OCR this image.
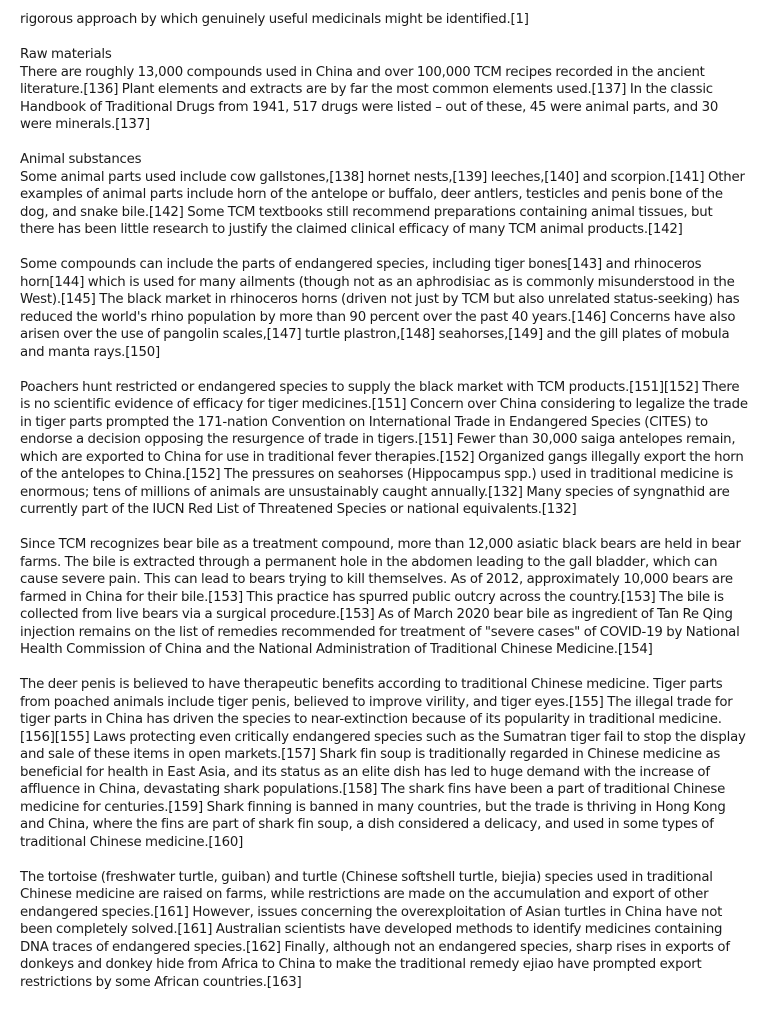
rigorous approach by which genuinely useful medicinals might be identified.[1]

Raw materials

There are roughly 13,000 compounds used in China and over 100,000 TCM recipes recorded in the ancient literature.[136] Plant elements and extracts are by far the most common elements used.[137] In the classic Handbook of Traditional Drugs from 1941, 517 drugs were listed – out of these, 45 were animal parts, and 30 were minerals.[137]

Animal substances

Some animal parts used include cow gallstones,[138] hornet nests,[139] leeches,[140] and scorpion.[141] Other examples of animal parts include horn of the antelope or buffalo, deer antlers, testicles and penis bone of the dog, and snake bile.[142] Some TCM textbooks still recommend preparations containing animal tissues, but there has been little research to justify the claimed clinical efficacy of many TCM animal products.[142]

Some compounds can include the parts of endangered species, including tiger bones[143] and rhinoceros horn[144] which is used for many ailments (though not as an aphrodisiac as is commonly misunderstood in the West).[145] The black market in rhinoceros horns (driven not just by TCM but also unrelated status-seeking) has reduced the world's rhino population by more than 90 percent over the past 40 years.[146] Concerns have also arisen over the use of pangolin scales,[147] turtle plastron,[148] seahorses,[149] and the gill plates of mobula and manta rays.[150]

Poachers hunt restricted or endangered species to supply the black market with TCM products.[151][152] There is no scientific evidence of efficacy for tiger medicines.[151] Concern over China considering to legalize the trade in tiger parts prompted the 171-nation Convention on International Trade in Endangered Species (CITES) to endorse a decision opposing the resurgence of trade in tigers.[151] Fewer than 30,000 saiga antelopes remain, which are exported to China for use in traditional fever therapies.[152] Organized gangs illegally export the horn of the antelopes to China.[152] The pressures on seahorses (Hippocampus spp.) used in traditional medicine is enormous; tens of millions of animals are unsustainably caught annually.[132] Many species of syngnathid are currently part of the IUCN Red List of Threatened Species or national equivalents.[132]

Since TCM recognizes bear bile as a treatment compound, more than 12,000 asiatic black bears are held in bear farms. The bile is extracted through a permanent hole in the abdomen leading to the gall bladder, which can cause severe pain. This can lead to bears trying to kill themselves. As of 2012, approximately 10,000 bears are farmed in China for their bile.[153] This practice has spurred public outcry across the country.[153] The bile is collected from live bears via a surgical procedure.[153] As of March 2020 bear bile as ingredient of Tan Re Qing injection remains on the list of remedies recommended for treatment of "severe cases" of COVID-19 by National Health Commission of China and the National Administration of Traditional Chinese Medicine.[154]

The deer penis is believed to have therapeutic benefits according to traditional Chinese medicine. Tiger parts from poached animals include tiger penis, believed to improve virility, and tiger eyes.[155] The illegal trade for tiger parts in China has driven the species to near-extinction because of its popularity in traditional medicine.[156][155] Laws protecting even critically endangered species such as the Sumatran tiger fail to stop the display and sale of these items in open markets.[157] Shark fin soup is traditionally regarded in Chinese medicine as beneficial for health in East Asia, and its status as an elite dish has led to huge demand with the increase of affluence in China, devastating shark populations.[158] The shark fins have been a part of traditional Chinese medicine for centuries.[159] Shark finning is banned in many countries, but the trade is thriving in Hong Kong and China, where the fins are part of shark fin soup, a dish considered a delicacy, and used in some types of traditional Chinese medicine.[160]

The tortoise (freshwater turtle, guiban) and turtle (Chinese softshell turtle, biejia) species used in traditional Chinese medicine are raised on farms, while restrictions are made on the accumulation and export of other endangered species.[161] However, issues concerning the overexploitation of Asian turtles in China have not been completely solved.[161] Australian scientists have developed methods to identify medicines containing DNA traces of endangered species.[162] Finally, although not an endangered species, sharp rises in exports of donkeys and donkey hide from Africa to China to make the traditional remedy ejiao have prompted export restrictions by some African countries.[163]
